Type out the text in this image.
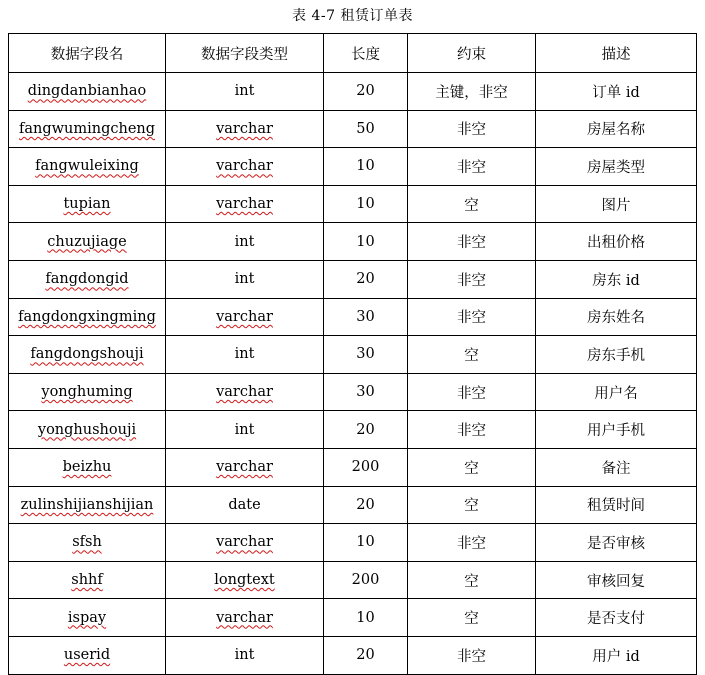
表 4-7 租赁订单表
数据字段名	数据字段类型	长度	约束	描述
dingdanbianhao	int	20	主键，非空	订单 id
fangwumingcheng	varchar	50	非空	房屋名称
fangwuleixing	varchar	10	非空	房屋类型
tupian	varchar	10	空	图片
chuzujiage	int	10	非空	出租价格
fangdongid	int	20	非空	房东 id
fangdongxingming	varchar	30	非空	房东姓名
fangdongshouji	int	30	空	房东手机
yonghuming	varchar	30	非空	用户名
yonghushouji	int	20	非空	用户手机
beizhu	varchar	200	空	备注
zulinshijianshijian	date	20	空	租赁时间
sfsh	varchar	10	非空	是否审核
shhf	longtext	200	空	审核回复
ispay	varchar	10	空	是否支付
userid	int	20	非空	用户 id
